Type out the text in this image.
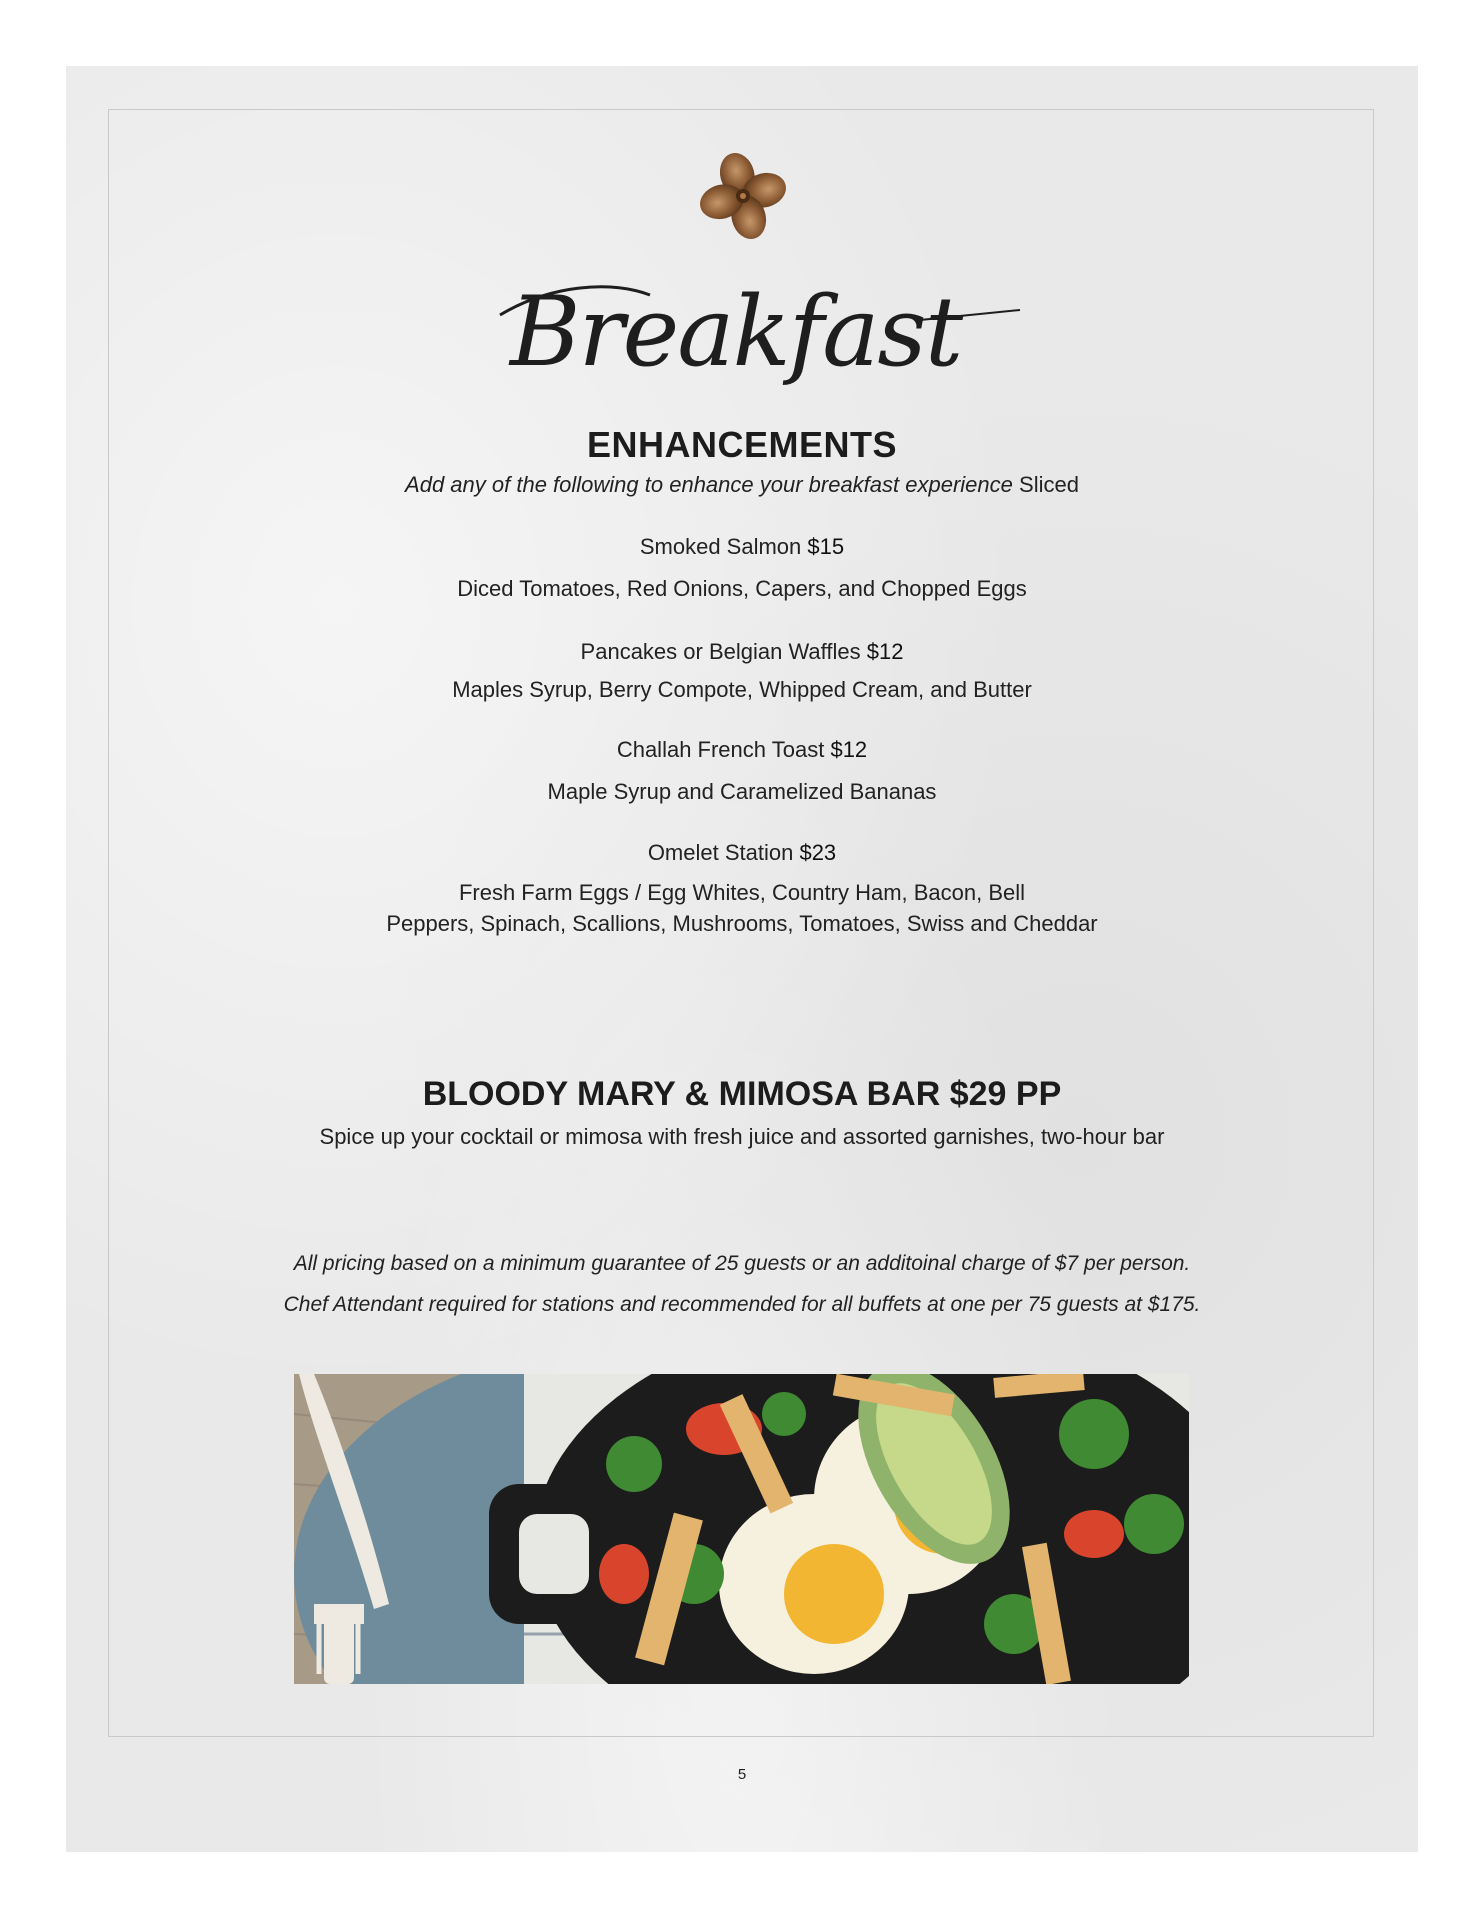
Breakfast
ENHANCEMENTS
Add any of the following to enhance your breakfast experience Sliced
Smoked Salmon $15
Diced Tomatoes, Red Onions, Capers, and Chopped Eggs
Pancakes or Belgian Waffles $12
Maples Syrup, Berry Compote, Whipped Cream, and Butter
Challah French Toast $12
Maple Syrup and Caramelized Bananas
Omelet Station $23
Fresh Farm Eggs / Egg Whites, Country Ham, Bacon, Bell
Peppers, Spinach, Scallions, Mushrooms, Tomatoes, Swiss and Cheddar
BLOODY MARY & MIMOSA BAR $29 PP
Spice up your cocktail or mimosa with fresh juice and assorted garnishes, two-hour bar
All pricing based on a minimum guarantee of 25 guests or an additoinal charge of $7 per person.
Chef Attendant required for stations and recommended for all buffets at one per 75 guests at $175.
5
